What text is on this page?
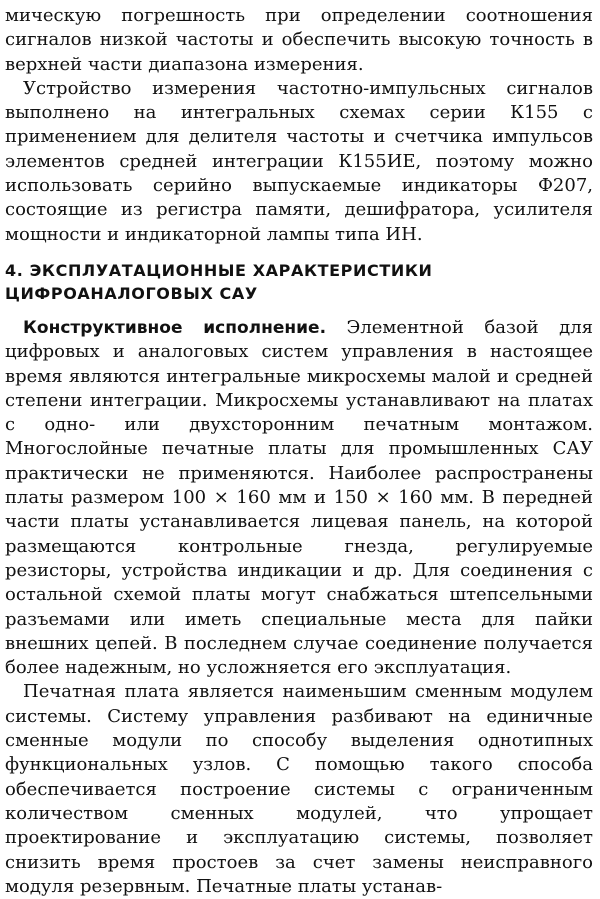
мическую погрешность при определении соотношения сигналов низкой частоты и обеспечить высокую точность в верхней части диапазона измерения.

Устройство измерения частотно-импульсных сигналов выполнено на интегральных схемах серии К155 с применением для делителя частоты и счетчика импульсов элементов средней интеграции К155ИЕ, поэтому можно использовать серийно выпускаемые индикаторы Ф207, состоящие из регистра памяти, дешифратора, усилителя мощности и индикаторной лампы типа ИН.

4. ЭКСПЛУАТАЦИОННЫЕ ХАРАКТЕРИСТИКИ
ЦИФРОАНАЛОГОВЫХ САУ

Конструктивное исполнение. Элементной базой для цифровых и аналоговых систем управления в настоящее время являются интегральные микросхемы малой и средней степени интеграции. Микросхемы устанавливают на платах с одно- или двухсторонним печатным монтажом. Многослойные печатные платы для промышленных САУ практически не применяются. Наиболее распространены платы размером 100 × 160 мм и 150 × 160 мм. В передней части платы устанавливается лицевая панель, на которой размещаются контрольные гнезда, регулируемые резисторы, устройства индикации и др. Для соединения с остальной схемой платы могут снабжаться штепсельными разъемами или иметь специальные места для пайки внешних цепей. В последнем случае соединение получается более надежным, но усложняется его эксплуатация.

Печатная плата является наименьшим сменным модулем системы. Систему управления разбивают на единичные сменные модули по способу выделения однотипных функциональных узлов. С помощью такого способа обеспечивается построение системы с ограниченным количеством сменных модулей, что упрощает проектирование и эксплуатацию системы, позволяет снизить время простоев за счет замены неисправного модуля резервным. Печатные платы устанав-
